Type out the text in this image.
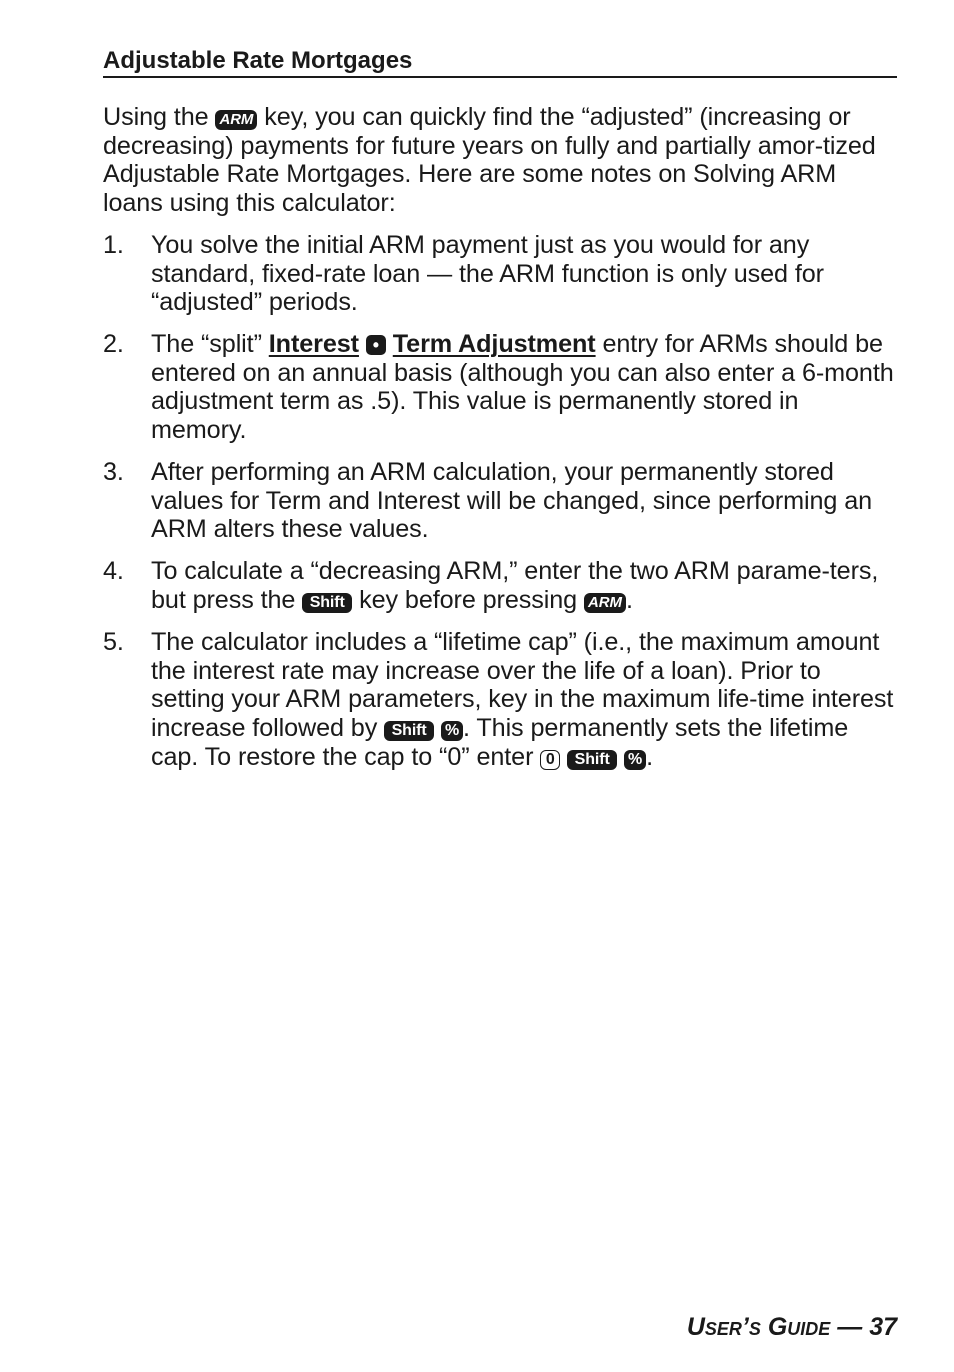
Adjustable Rate Mortgages
Using the ARM key, you can quickly find the “adjusted” (increasing or decreasing) payments for future years on fully and partially amor-tized Adjustable Rate Mortgages. Here are some notes on Solving ARM loans using this calculator:
1. You solve the initial ARM payment just as you would for any standard, fixed-rate loan — the ARM function is only used for “adjusted” periods.
2. The “split” Interest • Term Adjustment entry for ARMs should be entered on an annual basis (although you can also enter a 6-month adjustment term as .5). This value is permanently stored in memory.
3. After performing an ARM calculation, your permanently stored values for Term and Interest will be changed, since performing an ARM alters these values.
4. To calculate a “decreasing ARM,” enter the two ARM parame-ters, but press the Shift key before pressing ARM .
5. The calculator includes a “lifetime cap” (i.e., the maximum amount the interest rate may increase over the life of a loan). Prior to setting your ARM parameters, key in the maximum life-time interest increase followed by Shift % . This permanently sets the lifetime cap. To restore the cap to “0” enter 0 Shift % .
User’s Guide — 37
